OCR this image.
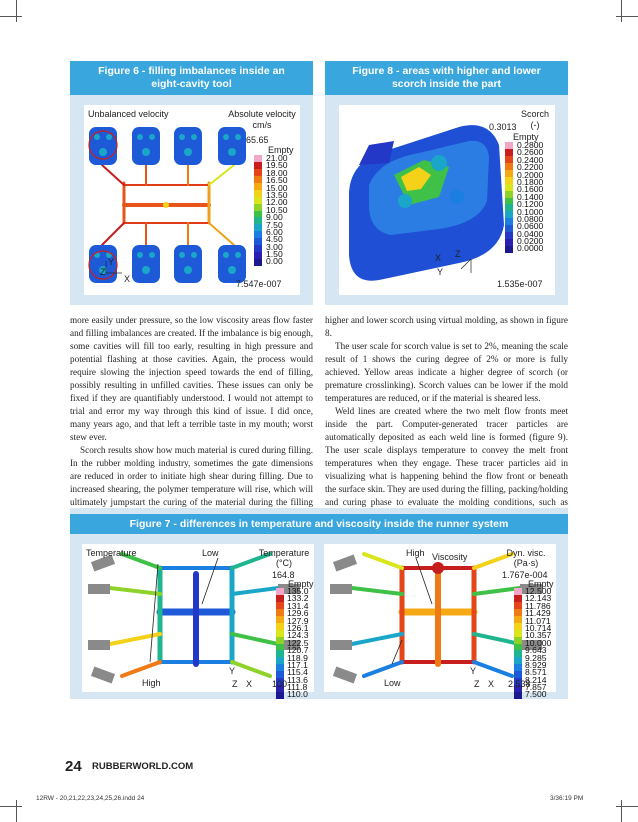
Figure 6 - filling imbalances inside an eight-cavity tool
Unbalanced velocity	Absolute velocity
cm/s
65.65
Empty
21.00
19.50
18.00
16.50
15.00
13.50
12.00
10.50
9.00
7.50
6.00
4.50
3.00
1.50
0.00
7.547e-007
Y
Z
X
Figure 8 - areas with higher and lower scorch inside the part
Scorch
(-)
0.3013
Empty
0.2800
0.2600
0.2400
0.2200
0.2000
0.1800
0.1600
0.1400
0.1200
0.1000
0.0800
0.0600
0.0400
0.0200
0.0000
1.535e-007
X Z
Y

more easily under pressure, so the low viscosity areas flow faster and filling imbalances are created. If the imbalance is big enough, some cavities will fill too early, resulting in high pressure and potential flashing at those cavities. Again, the process would require slowing the injection speed towards the end of filling, possibly resulting in unfilled cavities. These issues can only be fixed if they are quantifiably understood. I would not attempt to trial and error my way through this kind of issue. I did once, many years ago, and that left a terrible taste in my mouth; worst stew ever.

Scorch results show how much material is cured during filling. In the rubber molding industry, sometimes the gate dimensions are reduced in order to initiate high shear during filling. Due to increased shearing, the polymer temperature will rise, which will ultimately jumpstart the curing of the material during the filling

higher and lower scorch using virtual molding, as shown in figure 8.

The user scale for scorch value is set to 2%, meaning the scale result of 1 shows the curing degree of 2% or more is fully achieved. Yellow areas indicate a higher degree of scorch (or premature crosslinking). Scorch values can be lower if the mold temperatures are reduced, or if the material is sheared less.

Weld lines are created where the two melt flow fronts meet inside the part. Computer-generated tracer particles are automatically deposited as each weld line is formed (figure 9). The user scale displays temperature to convey the melt front temperatures when they engage. These tracer particles aid in visualizing what is happening behind the flow front or beneath the surface skin. They are used during the filling, packing/holding and curing phase to evaluate the molding conditions, such as

Figure 7 - differences in temperature and viscosity inside the runner system
Temperature	Low
High
Temperature
(°C)
164.8
Empty
135.0
133.2
131.4
129.6
127.9
126.1
124.3
122.5
120.7
118.9
117.1
115.4
113.6
111.8
110.0
100
Y
Z X
High Viscosity
Low
Dyn. visc.
(Pa·s)
1.767e-004
Empty
12.500
12.143
11.786
11.429
11.071
10.714
10.357
10.000
9.643
9.285
8.929
8.571
8.214
7.857
7.500
2,538
Y
Z X
24 RUBBERWORLD.COM
12RW - 20,21,22,23,24,25,26.indd 24	3/36:19 PM
